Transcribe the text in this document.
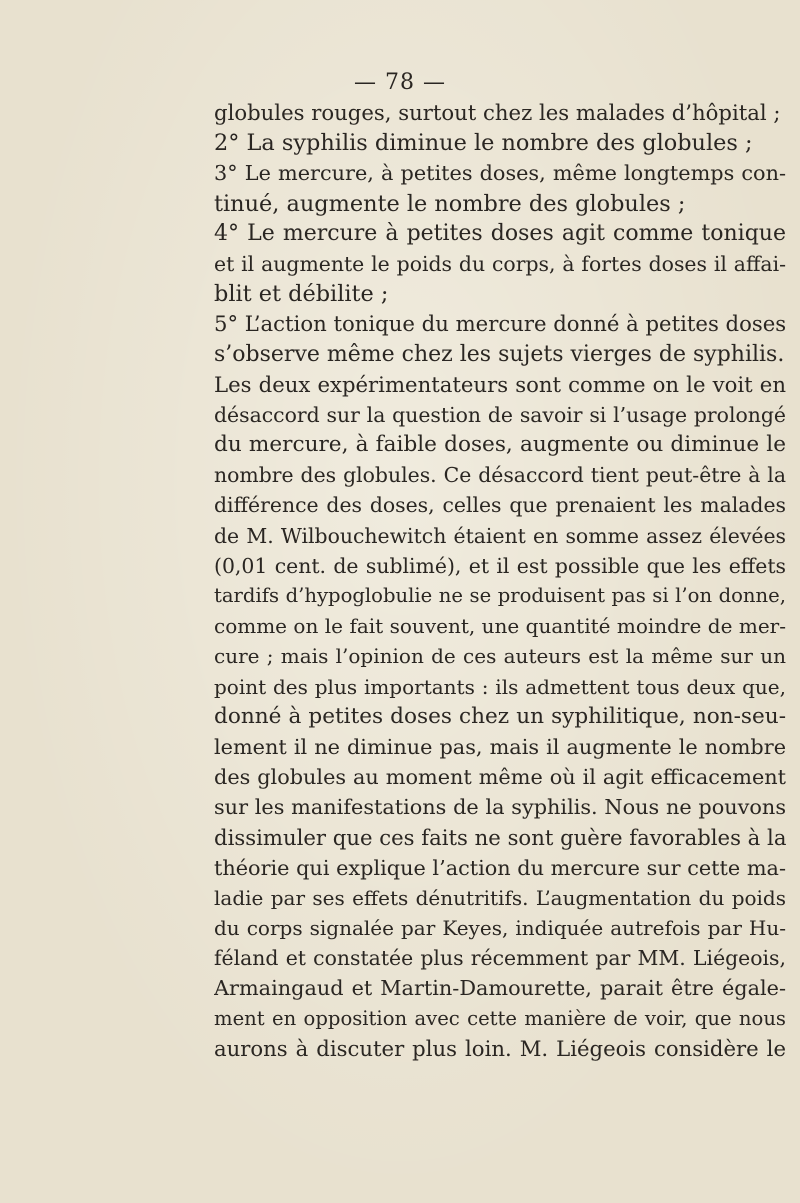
— 78 —
globules rouges, surtout chez les malades d’hôpital ;
2° La syphilis diminue le nombre des globules ;
3° Le mercure, à petites doses, même longtemps con-
tinué, augmente le nombre des globules ;
4° Le mercure à petites doses agit comme tonique
et il augmente le poids du corps, à fortes doses il affai-
blit et débilite ;
5° L’action tonique du mercure donné à petites doses
s’observe même chez les sujets vierges de syphilis.
Les deux expérimentateurs sont comme on le voit en
désaccord sur la question de savoir si l’usage prolongé
du mercure, à faible doses, augmente ou diminue le
nombre des globules. Ce désaccord tient peut-être à la
différence des doses, celles que prenaient les malades
de M. Wilbouchewitch étaient en somme assez élevées
(0,01 cent. de sublimé), et il est possible que les effets
tardifs d’hypoglobulie ne se produisent pas si l’on donne,
comme on le fait souvent, une quantité moindre de mer-
cure ; mais l’opinion de ces auteurs est la même sur un
point des plus importants : ils admettent tous deux que,
donné à petites doses chez un syphilitique, non-seu-
lement il ne diminue pas, mais il augmente le nombre
des globules au moment même où il agit efficacement
sur les manifestations de la syphilis. Nous ne pouvons
dissimuler que ces faits ne sont guère favorables à la
théorie qui explique l’action du mercure sur cette ma-
ladie par ses effets dénutritifs. L’augmentation du poids
du corps signalée par Keyes, indiquée autrefois par Hu-
féland et constatée plus récemment par MM. Liégeois,
Armaingaud et Martin-Damourette, parait être égale-
ment en opposition avec cette manière de voir, que nous
aurons à discuter plus loin. M. Liégeois considère le
